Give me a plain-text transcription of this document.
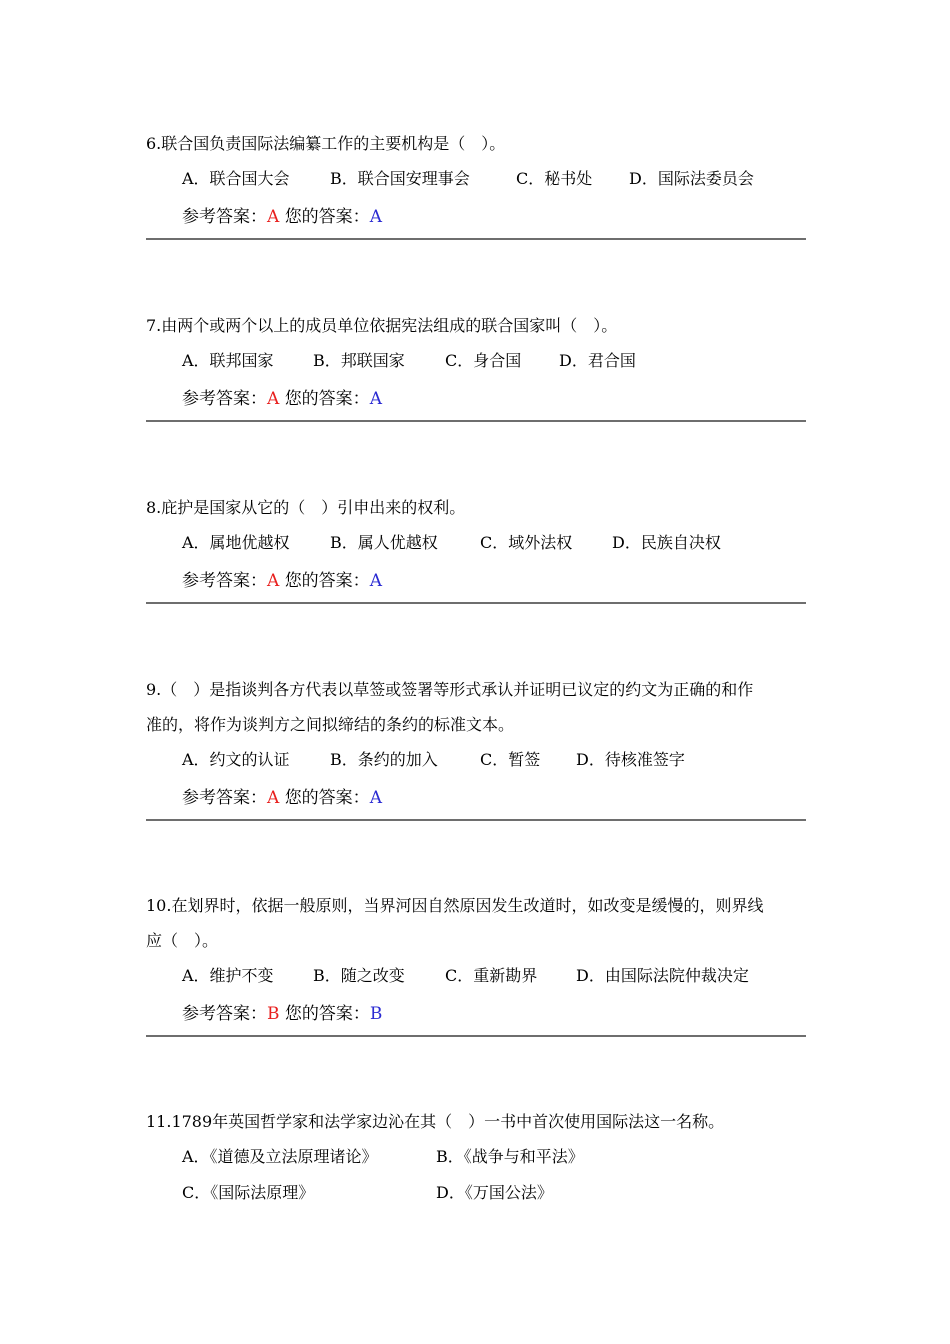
6.联合国负责国际法编纂工作的主要机构是（　）。

A．联合国大会	B．联合国安理事会	C．秘书处 D．国际法委员会
参考答案：A 您的答案：A

7.由两个或两个以上的成员单位依据宪法组成的联合国家叫（　）。

A．联邦国家 B．邦联国家	C．身合国 D．君合国
参考答案：A 您的答案：A

8.庇护是国家从它的（　）引申出来的权利。

A．属地优越权	B．属人优越权	C．域外法权 D．民族自决权
参考答案：A 您的答案：A

9.（　）是指谈判各方代表以草签或签署等形式承认并证明已议定的约文为正确的和作

准的，将作为谈判方之间拟缔结的条约的标准文本。

A．约文的认证	B．条约的加入	C．暂签 D．待核准签字
参考答案：A 您的答案：A

10.在划界时，依据一般原则，当界河因自然原因发生改道时，如改变是缓慢的，则界线

应（　）。

A．维护不变 B．随之改变	C．重新勘界 D．由国际法院仲裁决定
参考答案：B 您的答案：B

11.1789年英国哲学家和法学家边沁在其（　）一书中首次使用国际法这一名称。

A．《道德及立法原理诸论》	B．《战争与和平法》
C．《国际法原理》	D．《万国公法》
